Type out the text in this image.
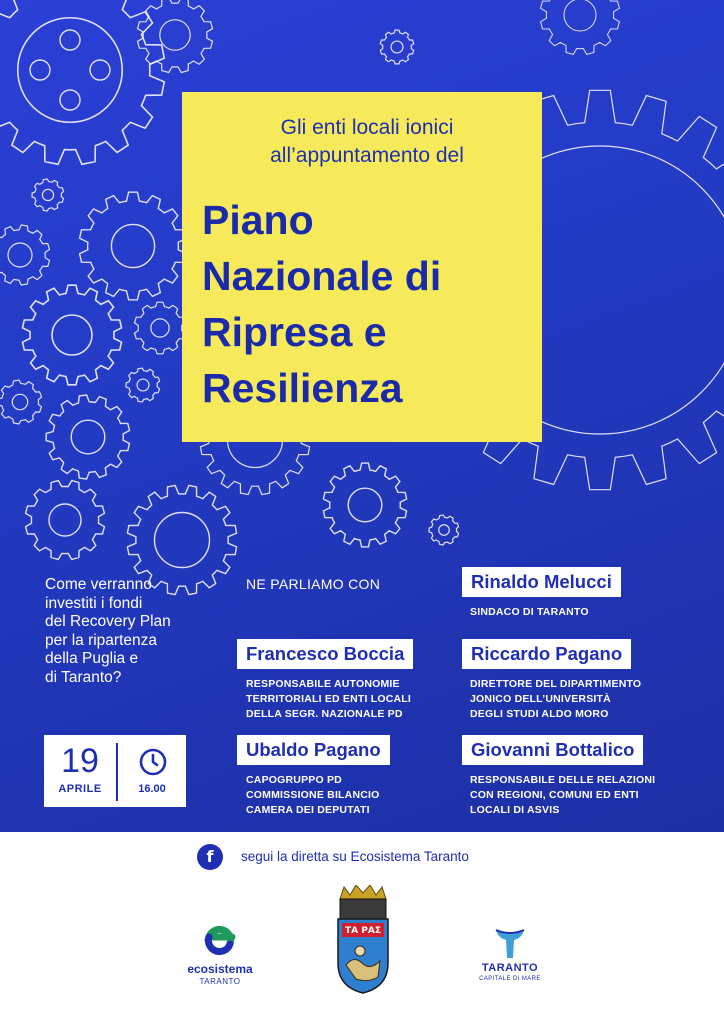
Gli enti locali ionici
all’appuntamento del
Piano
Nazionale di
Ripresa e
Resilienza
Come verranno
investiti i fondi
del Recovery Plan
per la ripartenza
della Puglia e
di Taranto?
19
APRILE	16.00
NE PARLIAMO CON	Rinaldo Melucci
SINDACO DI TARANTO
Francesco Boccia
RESPONSABILE AUTONOMIE
TERRITORIALI ED ENTI LOCALI
DELLA SEGR. NAZIONALE PD
Riccardo Pagano
DIRETTORE DEL DIPARTIMENTO
JONICO DELL’UNIVERSITÀ
DEGLI STUDI ALDO MORO
Ubaldo Pagano
CAPOGRUPPO PD
COMMISSIONE BILANCIO
CAMERA DEI DEPUTATI
Giovanni Bottalico
RESPONSABILE DELLE RELAZIONI
CON REGIONI, COMUNI ED ENTI
LOCALI DI ASVIS
f	segui la diretta su Ecosistema Taranto
ecosistema
TARANTO
ΤΑ ΡΑΣ
TARANTO
CAPITALE DI MARE
